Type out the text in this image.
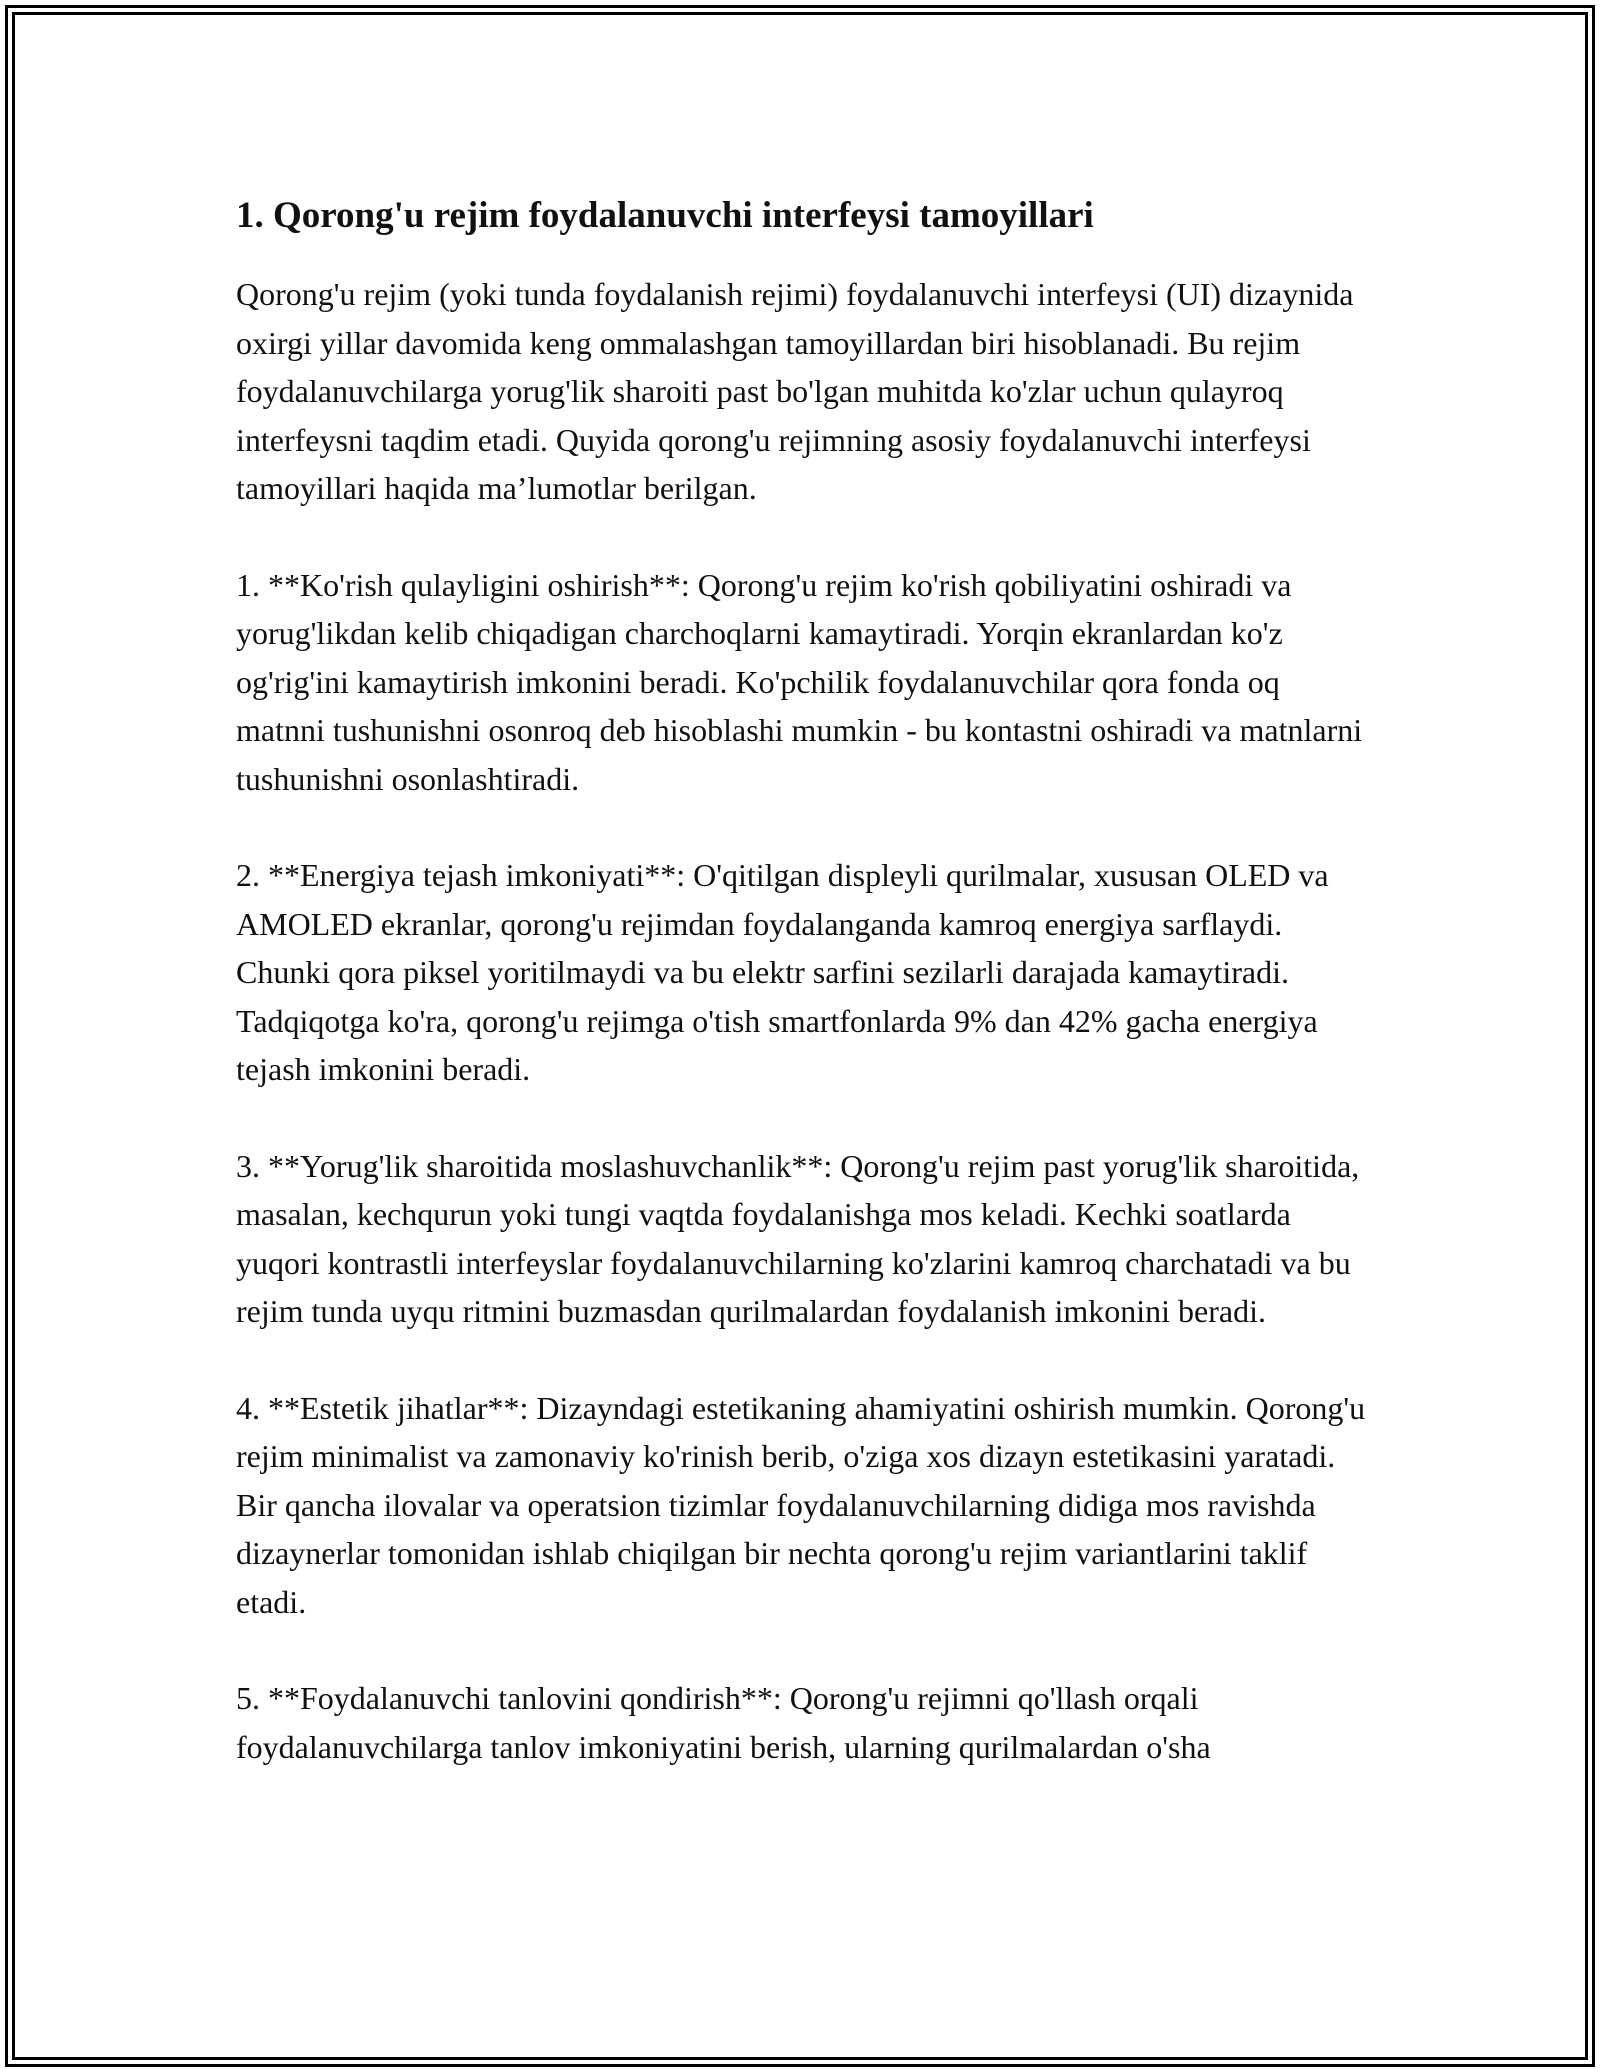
1. Qorong'u rejim foydalanuvchi interfeysi tamoyillari

Qorong'u rejim (yoki tunda foydalanish rejimi) foydalanuvchi interfeysi (UI) dizaynida oxirgi yillar davomida keng ommalashgan tamoyillardan biri hisoblanadi. Bu rejim foydalanuvchilarga yorug'lik sharoiti past bo'lgan muhitda ko'zlar uchun qulayroq interfeysni taqdim etadi. Quyida qorong'u rejimning asosiy foydalanuvchi interfeysi tamoyillari haqida ma’lumotlar berilgan.

1. **Ko'rish qulayligini oshirish**: Qorong'u rejim ko'rish qobiliyatini oshiradi va yorug'likdan kelib chiqadigan charchoqlarni kamaytiradi. Yorqin ekranlardan ko'z og'rig'ini kamaytirish imkonini beradi. Ko'pchilik foydalanuvchilar qora fonda oq matnni tushunishni osonroq deb hisoblashi mumkin - bu kontastni oshiradi va matnlarni tushunishni osonlashtiradi.

2. **Energiya tejash imkoniyati**: O'qitilgan displeyli qurilmalar, xususan OLED va AMOLED ekranlar, qorong'u rejimdan foydalanganda kamroq energiya sarflaydi. Chunki qora piksel yoritilmaydi va bu elektr sarfini sezilarli darajada kamaytiradi. Tadqiqotga ko'ra, qorong'u rejimga o'tish smartfonlarda 9% dan 42% gacha energiya tejash imkonini beradi.

3. **Yorug'lik sharoitida moslashuvchanlik**: Qorong'u rejim past yorug'lik sharoitida, masalan, kechqurun yoki tungi vaqtda foydalanishga mos keladi. Kechki soatlarda yuqori kontrastli interfeyslar foydalanuvchilarning ko'zlarini kamroq charchatadi va bu rejim tunda uyqu ritmini buzmasdan qurilmalardan foydalanish imkonini beradi.

4. **Estetik jihatlar**: Dizayndagi estetikaning ahamiyatini oshirish mumkin. Qorong'u rejim minimalist va zamonaviy ko'rinish berib, o'ziga xos dizayn estetikasini yaratadi. Bir qancha ilovalar va operatsion tizimlar foydalanuvchilarning didiga mos ravishda dizaynerlar tomonidan ishlab chiqilgan bir nechta qorong'u rejim variantlarini taklif etadi.

5. **Foydalanuvchi tanlovini qondirish**: Qorong'u rejimni qo'llash orqali foydalanuvchilarga tanlov imkoniyatini berish, ularning qurilmalardan o'sha
